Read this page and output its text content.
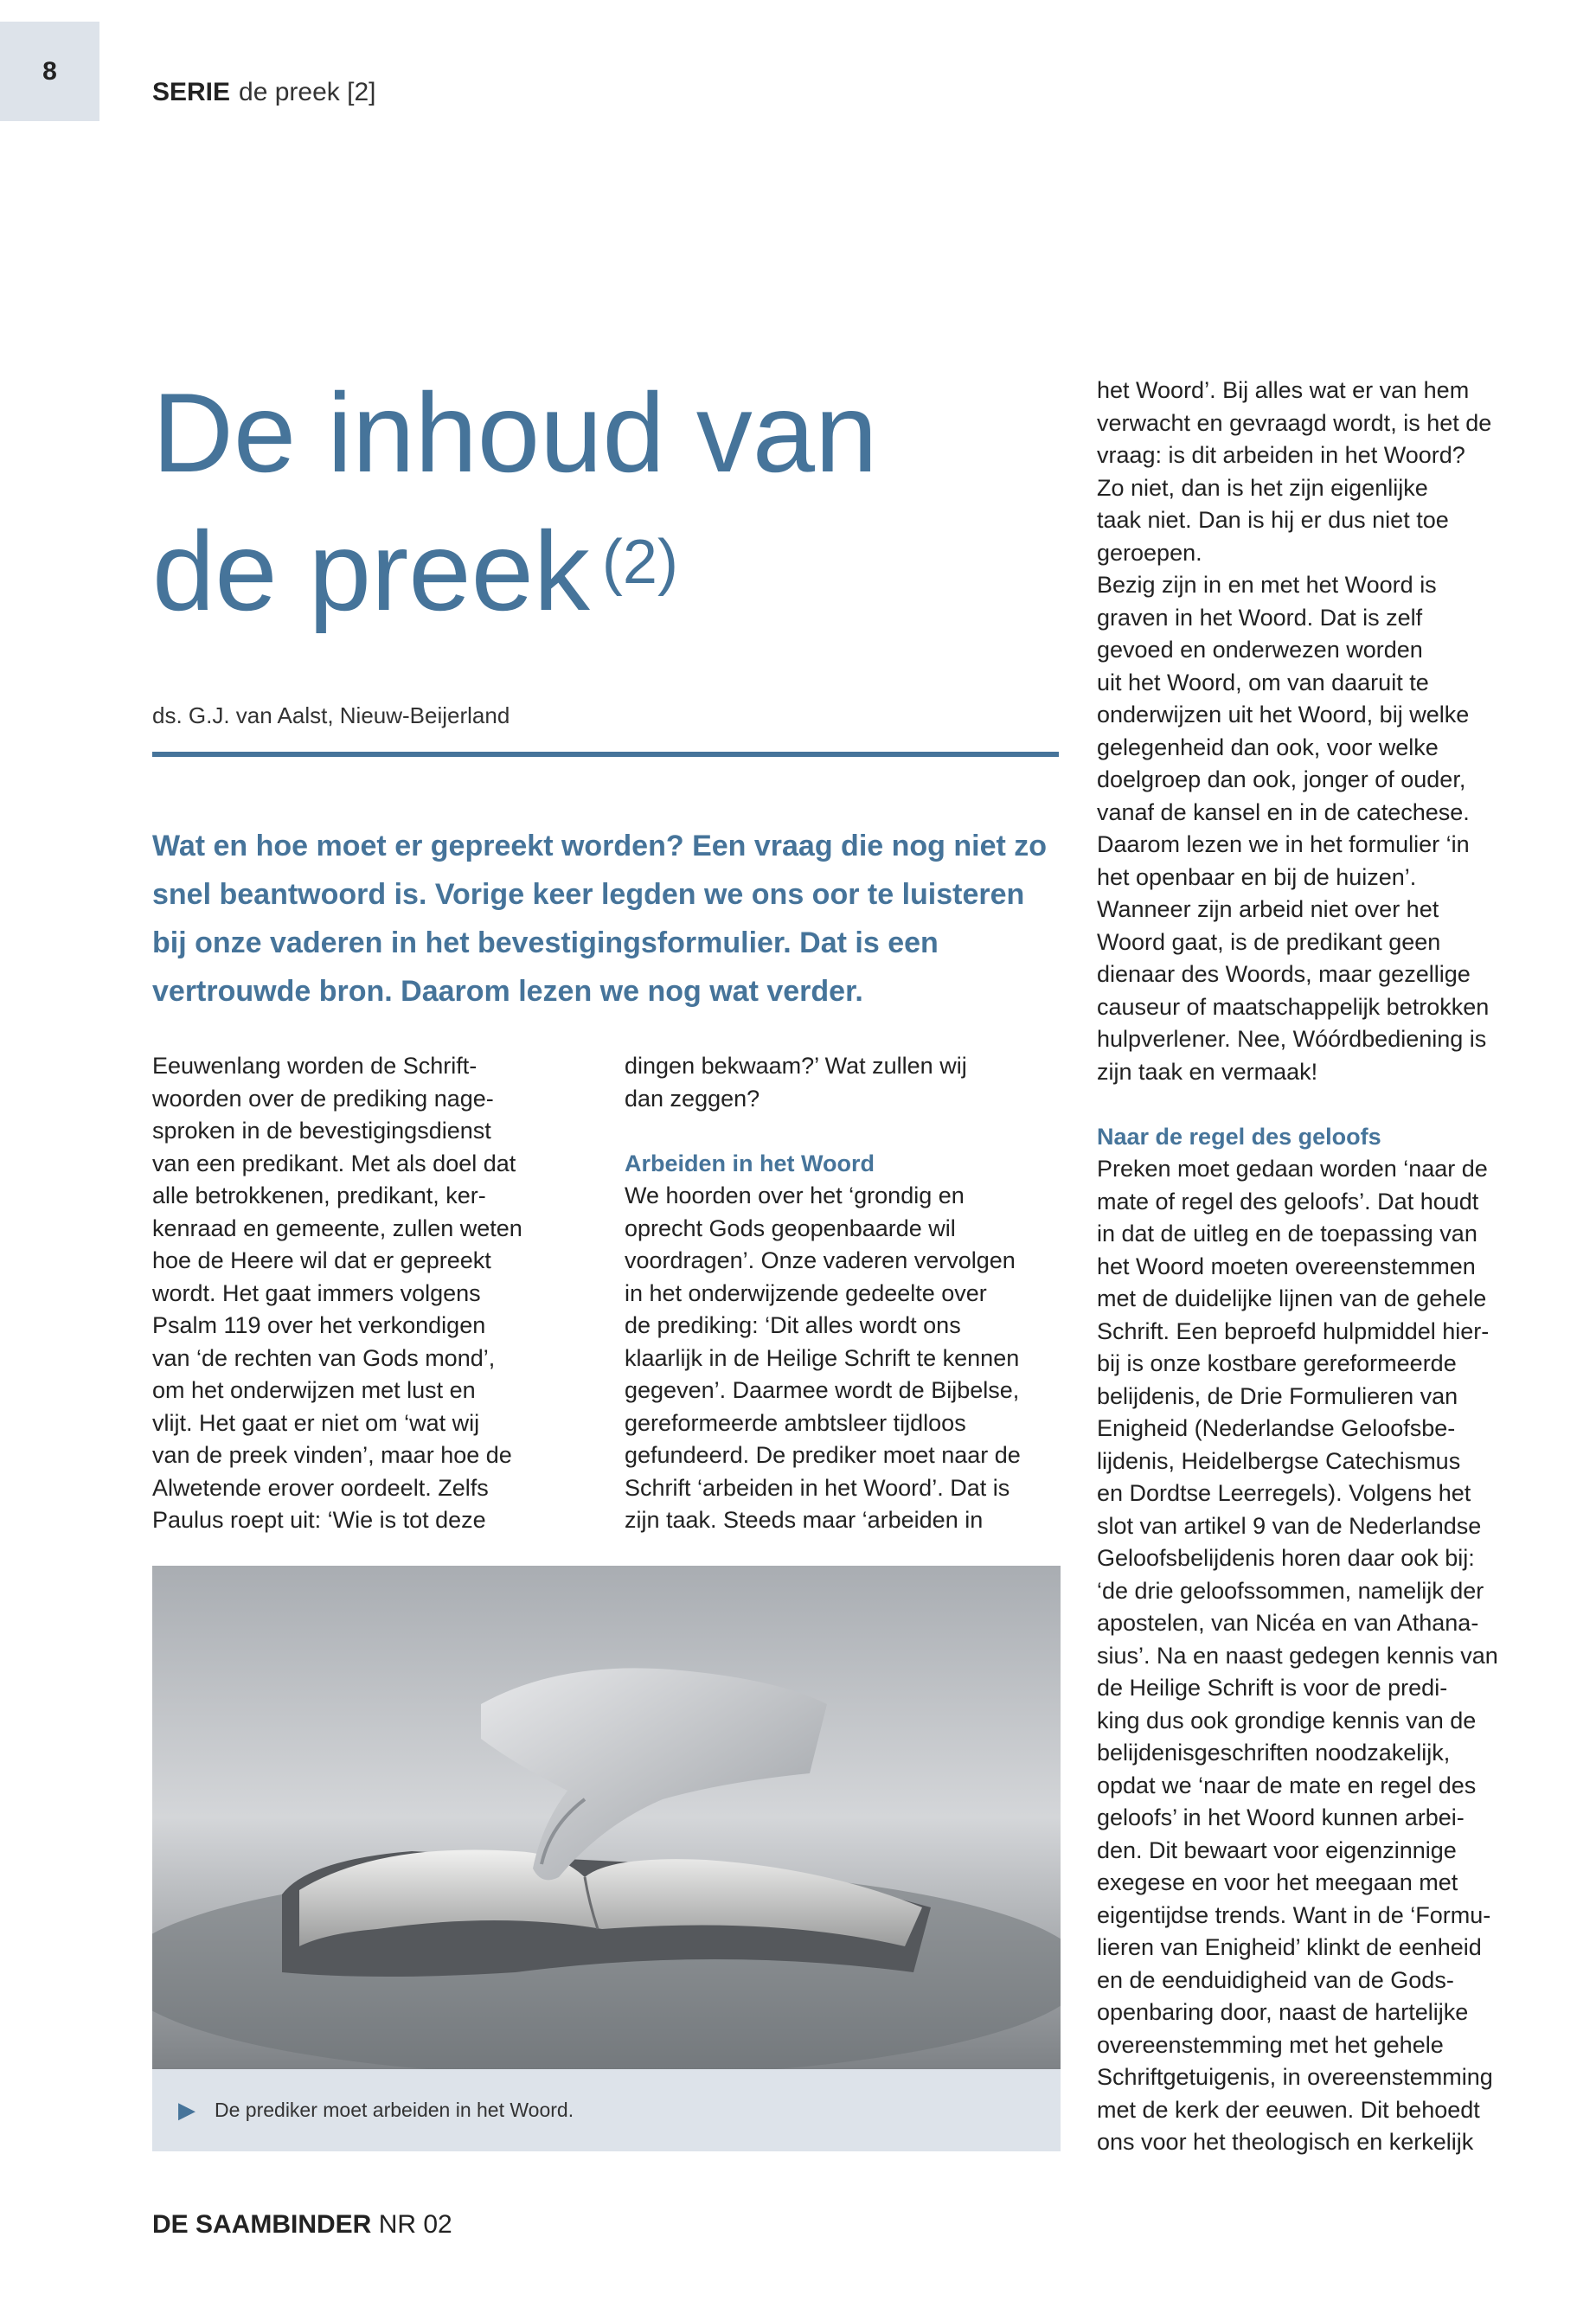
8
SERIE de preek [2]
De inhoud van
de preek $^{(2)}$
ds. G.J. van Aalst, Nieuw-Beijerland
Wat en hoe moet er gepreekt worden? Een vraag die nog niet zo snel beantwoord is. Vorige keer legden we ons oor te luisteren bij onze vaderen in het bevestigingsformulier. Dat is een vertrouwde bron. Daarom lezen we nog wat verder.

Eeuwenlang worden de Schrift-

woorden over de prediking nage-

sproken in de bevestigingsdienst

van een predikant. Met als doel dat

alle betrokkenen, predikant, ker-

kenraad en gemeente, zullen weten

hoe de Heere wil dat er gepreekt

wordt. Het gaat immers volgens

Psalm 119 over het verkondigen

van ‘de rechten van Gods mond’,

om het onderwijzen met lust en

vlijt. Het gaat er niet om ‘wat wij

van de preek vinden’, maar hoe de

Alwetende erover oordeelt. Zelfs

Paulus roept uit: ‘Wie is tot deze

dingen bekwaam?’ Wat zullen wij

dan zeggen?

Arbeiden in het Woord

We hoorden over het ‘grondig en

oprecht Gods geopenbaarde wil

voordragen’. Onze vaderen vervolgen

in het onderwijzende gedeelte over

de prediking: ‘Dit alles wordt ons

klaarlijk in de Heilige Schrift te kennen

gegeven’. Daarmee wordt de Bijbelse,

gereformeerde ambtsleer tijdloos

gefundeerd. De prediker moet naar de

Schrift ‘arbeiden in het Woord’. Dat is

zijn taak. Steeds maar ‘arbeiden in

het Woord’. Bij alles wat er van hem

verwacht en gevraagd wordt, is het de

vraag: is dit arbeiden in het Woord?

Zo niet, dan is het zijn eigenlijke

taak niet. Dan is hij er dus niet toe

geroepen.

Bezig zijn in en met het Woord is

graven in het Woord. Dat is zelf

gevoed en onderwezen worden

uit het Woord, om van daaruit te

onderwijzen uit het Woord, bij welke

gelegenheid dan ook, voor welke

doelgroep dan ook, jonger of ouder,

vanaf de kansel en in de catechese.

Daarom lezen we in het formulier ‘in

het openbaar en bij de huizen’.

Wanneer zijn arbeid niet over het

Woord gaat, is de predikant geen

dienaar des Woords, maar gezellige

causeur of maatschappelijk betrokken

hulpverlener. Nee, Wóórdbediening is

zijn taak en vermaak!

Naar de regel des geloofs

Preken moet gedaan worden ‘naar de

mate of regel des geloofs’. Dat houdt

in dat de uitleg en de toepassing van

het Woord moeten overeenstemmen

met de duidelijke lijnen van de gehele

Schrift. Een beproefd hulpmiddel hier-

bij is onze kostbare gereformeerde

belijdenis, de Drie Formulieren van

Enigheid (Nederlandse Geloofsbe-

lijdenis, Heidelbergse Catechismus

en Dordtse Leerregels). Volgens het

slot van artikel 9 van de Nederlandse

Geloofsbelijdenis horen daar ook bij:

‘de drie geloofssommen, namelijk der

apostelen, van Nicéa en van Athana-

sius’. Na en naast gedegen kennis van

de Heilige Schrift is voor de predi-

king dus ook grondige kennis van de

belijdenisgeschriften noodzakelijk,

opdat we ‘naar de mate en regel des

geloofs’ in het Woord kunnen arbei-

den. Dit bewaart voor eigenzinnige

exegese en voor het meegaan met

eigentijdse trends. Want in de ‘Formu-

lieren van Enigheid’ klinkt de eenheid

en de eenduidigheid van de Gods-

openbaring door, naast de hartelijke

overeenstemming met het gehele

Schriftgetuigenis, in overeenstemming

met de kerk der eeuwen. Dit behoedt

ons voor het theologisch en kerkelijk

▶ De prediker moet arbeiden in het Woord.
DE SAAMBINDER NR 02
